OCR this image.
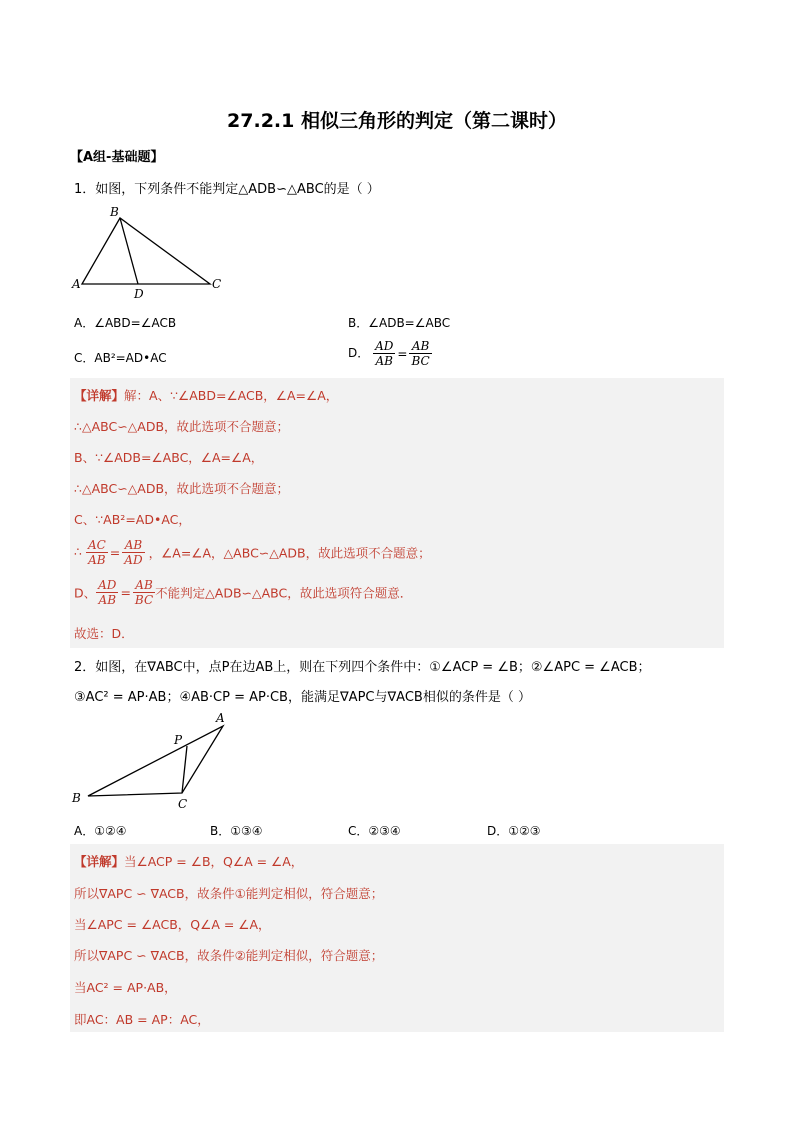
27.2.1 相似三角形的判定（第二课时）
【A组-基础题】
1．如图，下列条件不能判定△ADB∽△ABC的是（ ）
B
A
D
C
A．∠ABD=∠ACB	B．∠ADB=∠ABC
C．AB²=AD•AC	D． $\frac{AD}{AB} = \frac{AB}{BC}$
【详解】解：A、∵∠ABD=∠ACB，∠A=∠A，
∴△ABC∽△ADB，故此选项不合题意；
B、∵∠ADB=∠ABC，∠A=∠A，
∴△ABC∽△ADB，故此选项不合题意；
C、∵AB²=AD•AC，
∴ $\frac{AC}{AB} = \frac{AB}{AD}$ ，∠A=∠A，△ABC∽△ADB，故此选项不合题意；
D、 $\frac{AD}{AB} = \frac{AB}{BC}$ 不能判定△ADB∽△ABC，故此选项符合题意．
故选：D．
2．如图，在∇ABC中，点P在边AB上，则在下列四个条件中：①∠ACP = ∠B；②∠APC = ∠ACB；
③AC² = AP·AB；④AB·CP = AP·CB，能满足∇APC与∇ACB相似的条件是（ ）
A
P
B	C
A．①②④	B．①③④	C．②③④	D．①②③
【详解】当∠ACP = ∠B，Q∠A = ∠A，
所以∇APC ∽ ∇ACB，故条件①能判定相似，符合题意；
当∠APC = ∠ACB，Q∠A = ∠A，
所以∇APC ∽ ∇ACB，故条件②能判定相似，符合题意；
当AC² = AP·AB，
即AC：AB = AP：AC，
